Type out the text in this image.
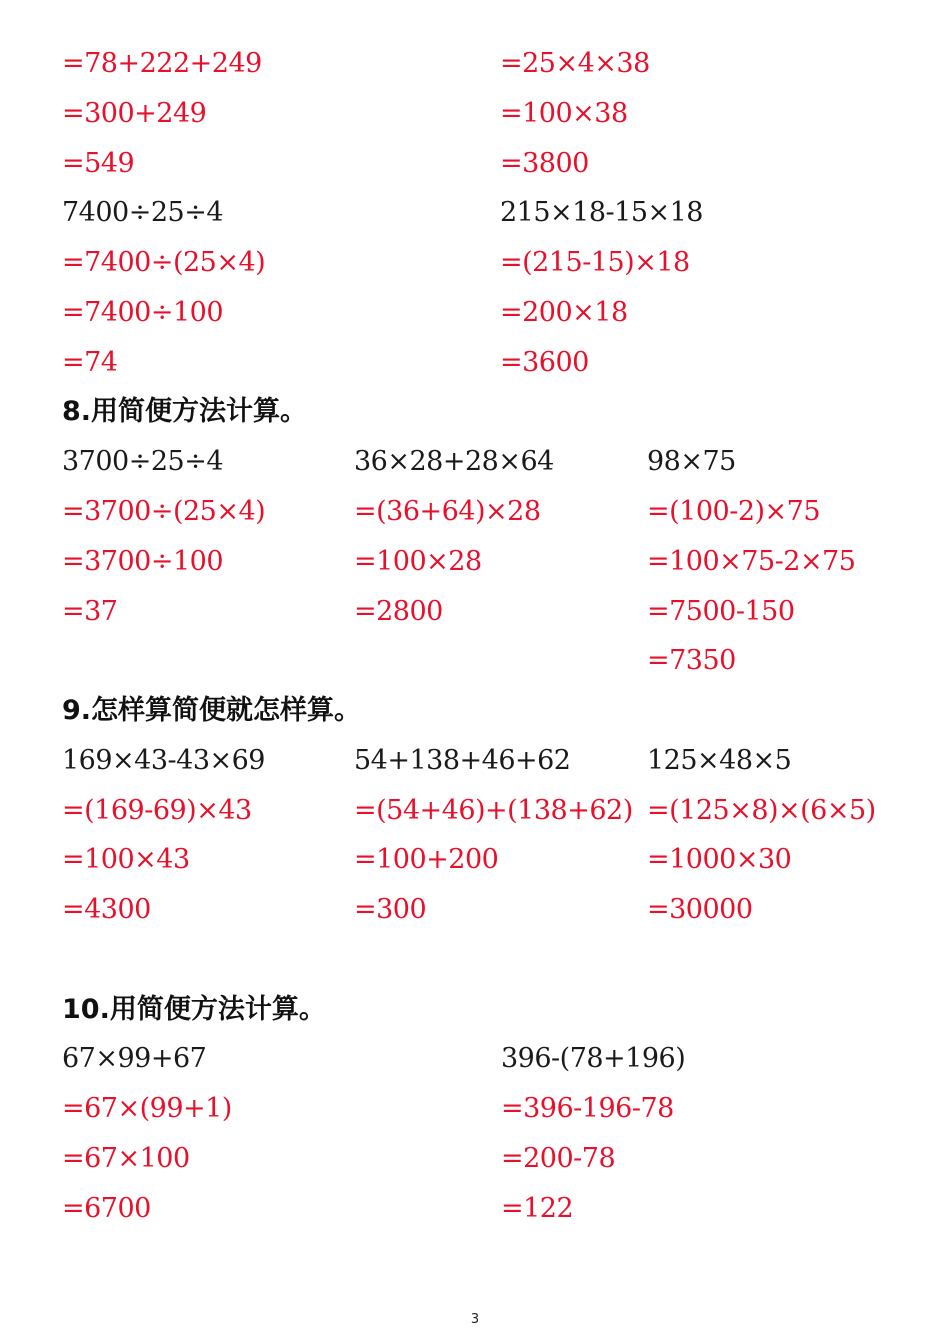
=78+222+249
=300+249
=549
7400÷25÷4
=7400÷(25×4)
=7400÷100
=74
=25×4×38
=100×38
=3800
215×18-15×18
=(215-15)×18
=200×18
=3600
8.用简便方法计算。
3700÷25÷4
=3700÷(25×4)
=3700÷100
=37
36×28+28×64
=(36+64)×28
=100×28
=2800
98×75
=(100-2)×75
=100×75-2×75
=7500-150
=7350
9.怎样算简便就怎样算。
169×43-43×69
=(169-69)×43
=100×43
=4300
54+138+46+62
=(54+46)+(138+62)
=100+200
=300
125×48×5
=(125×8)×(6×5)
=1000×30
=30000
10.用简便方法计算。
67×99+67
=67×(99+1)
=67×100
=6700
396-(78+196)
=396-196-78
=200-78
=122
3
